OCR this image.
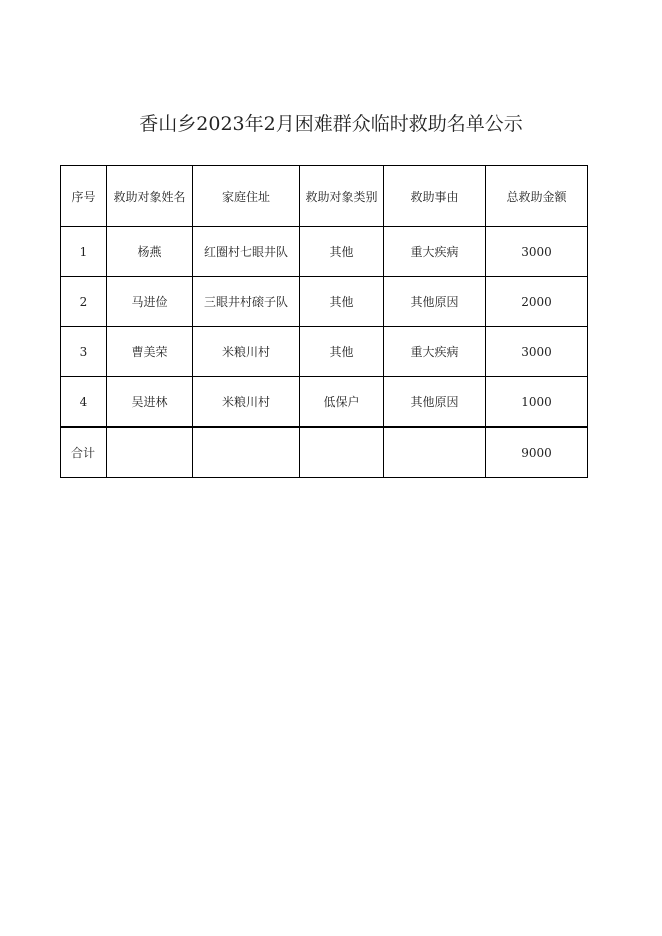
香山乡2023年2月困难群众临时救助名单公示
序号	救助对象姓名	家庭住址	救助对象类别	救助事由	总救助金额
1	杨燕	红圈村七眼井队	其他	重大疾病	3000
2	马进俭	三眼井村磙子队	其他	其他原因	2000
3	曹美荣	米粮川村	其他	重大疾病	3000
4	吴进林	米粮川村	低保户	其他原因	1000
合计					9000
